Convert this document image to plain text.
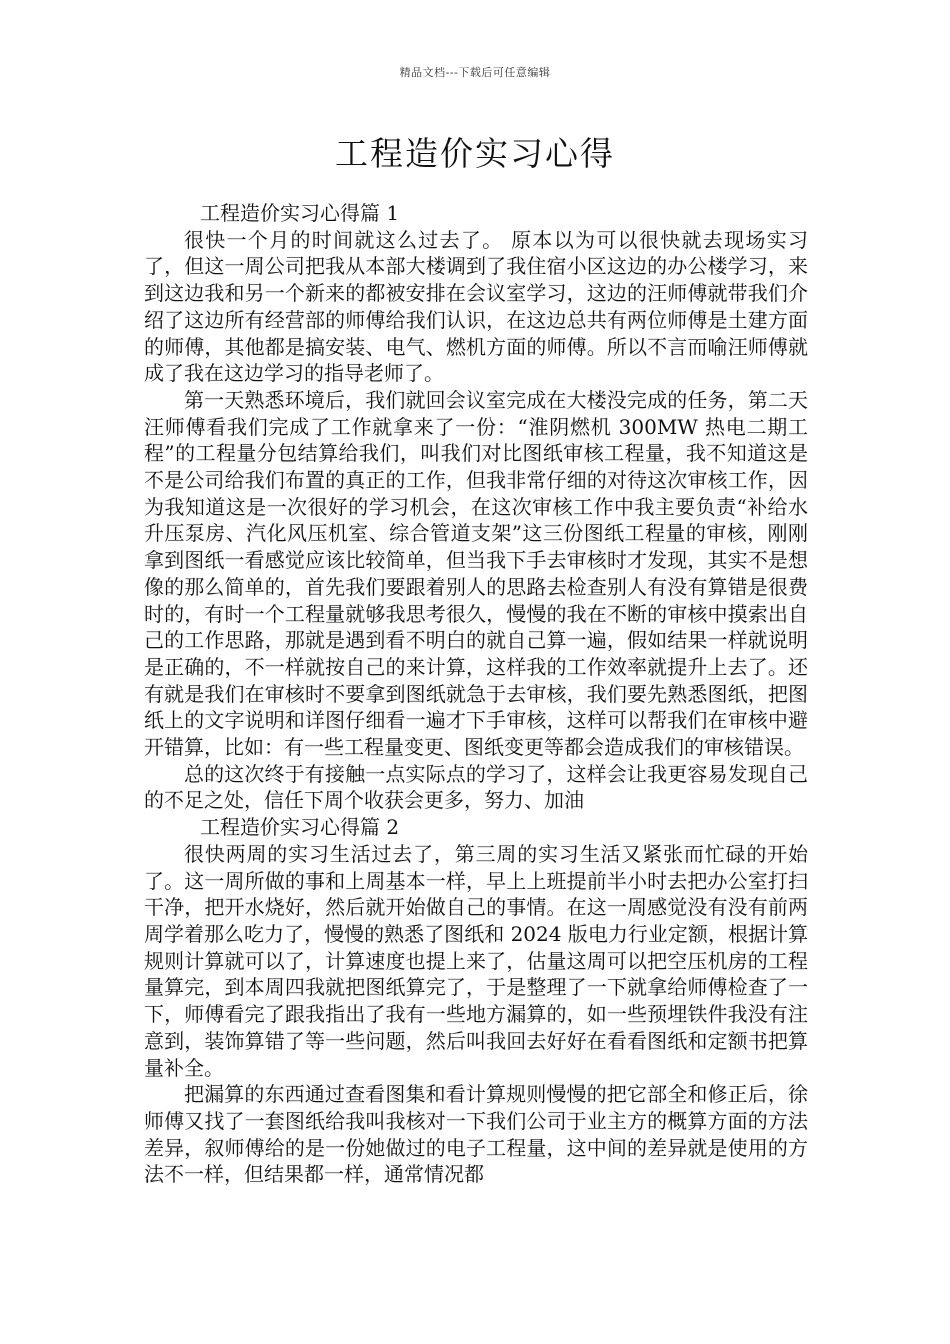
精品文档---下载后可任意编辑
工程造价实习心得

工程造价实习心得篇 1

很快一个月的时间就这么过去了。 原本以为可以很快就去现场实习了，但这一周公司把我从本部大楼调到了我住宿小区这边的办公楼学习，来到这边我和另一个新来的都被安排在会议室学习，这边的汪师傅就带我们介绍了这边所有经营部的师傅给我们认识，在这边总共有两位师傅是土建方面的师傅，其他都是搞安装、电气、燃机方面的师傅。所以不言而喻汪师傅就成了我在这边学习的指导老师了。

第一天熟悉环境后，我们就回会议室完成在大楼没完成的任务，第二天汪师傅看我们完成了工作就拿来了一份：“淮阴燃机 300MW 热电二期工程”的工程量分包结算给我们，叫我们对比图纸审核工程量，我不知道这是不是公司给我们布置的真正的工作，但我非常仔细的对待这次审核工作，因为我知道这是一次很好的学习机会，在这次审核工作中我主要负责“补给水升压泵房、汽化风压机室、综合管道支架”这三份图纸工程量的审核，刚刚拿到图纸一看感觉应该比较简单，但当我下手去审核时才发现，其实不是想像的那么简单的，首先我们要跟着别人的思路去检查别人有没有算错是很费时的，有时一个工程量就够我思考很久，慢慢的我在不断的审核中摸索出自己的工作思路，那就是遇到看不明白的就自己算一遍，假如结果一样就说明是正确的，不一样就按自己的来计算，这样我的工作效率就提升上去了。还有就是我们在审核时不要拿到图纸就急于去审核，我们要先熟悉图纸，把图纸上的文字说明和详图仔细看一遍才下手审核，这样可以帮我们在审核中避开错算，比如：有一些工程量变更、图纸变更等都会造成我们的审核错误。

总的这次终于有接触一点实际点的学习了，这样会让我更容易发现自己的不足之处，信任下周个收获会更多，努力、加油

工程造价实习心得篇 2

很快两周的实习生活过去了，第三周的实习生活又紧张而忙碌的开始了。这一周所做的事和上周基本一样，早上上班提前半小时去把办公室打扫干净，把开水烧好，然后就开始做自己的事情。在这一周感觉没有没有前两周学着那么吃力了，慢慢的熟悉了图纸和 2024 版电力行业定额，根据计算规则计算就可以了，计算速度也提上来了，估量这周可以把空压机房的工程量算完，到本周四我就把图纸算完了，于是整理了一下就拿给师傅检查了一下，师傅看完了跟我指出了我有一些地方漏算的，如一些预埋铁件我没有注意到，装饰算错了等一些问题，然后叫我回去好好在看看图纸和定额书把算量补全。

把漏算的东西通过查看图集和看计算规则慢慢的把它部全和修正后，徐师傅又找了一套图纸给我叫我核对一下我们公司于业主方的概算方面的方法差异，叙师傅给的是一份她做过的电子工程量，这中间的差异就是使用的方法不一样，但结果都一样，通常情况都
